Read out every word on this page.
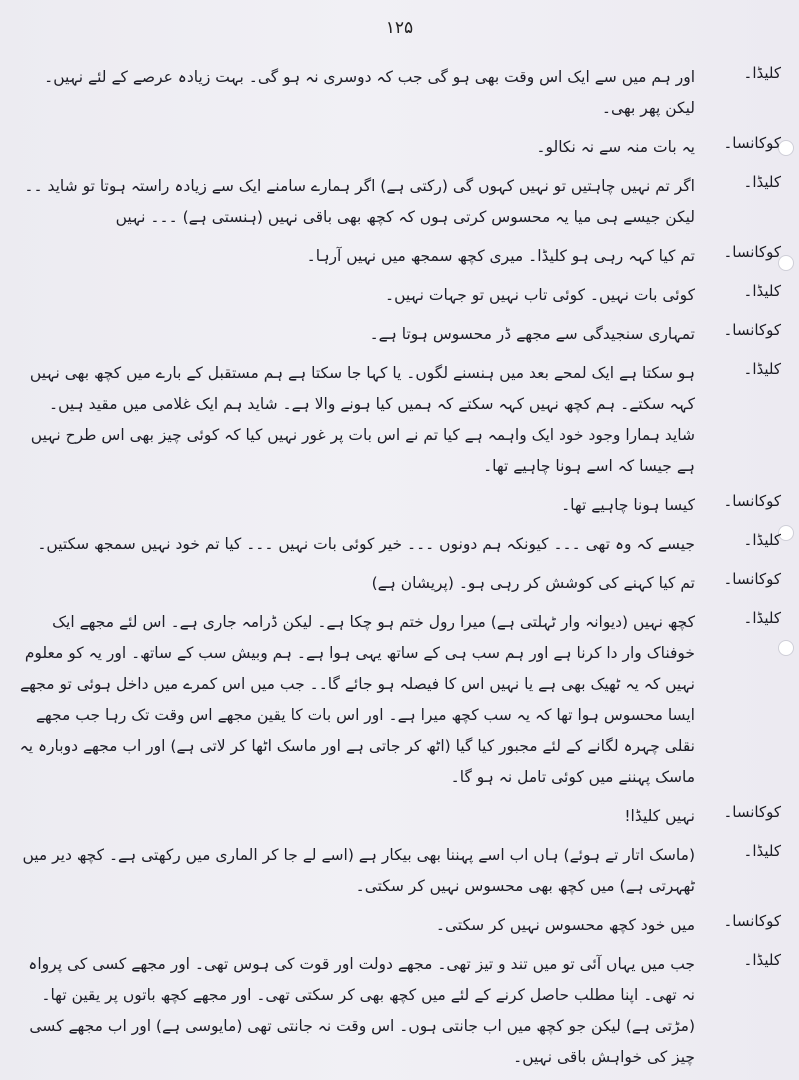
۱۲۵
کلیڈا۔
اور ہم میں سے ایک اس وقت بھی ہو گی جب کہ دوسری نہ ہو گی۔ بہت زیادہ عرصے کے لئے نہیں۔ لیکن پھر بھی۔
کوکانسا۔
یہ بات منہ سے نہ نکالو۔
کلیڈا۔
اگر تم نہیں چاہتیں تو نہیں کہوں گی (رکتی ہے) اگر ہمارے سامنے ایک سے زیادہ راستہ ہوتا تو شاید ۔۔ لیکن جیسے ہی میا یہ محسوس کرتی ہوں کہ کچھ بھی باقی نہیں (ہنستی ہے) ۔۔۔ نہیں
کوکانسا۔
تم کیا کہہ رہی ہو کلیڈا۔ میری کچھ سمجھ میں نہیں آرہا۔
کلیڈا۔
کوئی بات نہیں۔ کوئی تاب نہیں تو جہات نہیں۔
کوکانسا۔
تمہاری سنجیدگی سے مجھے ڈر محسوس ہوتا ہے۔
کلیڈا۔
ہو سکتا ہے ایک لمحے بعد میں ہنسنے لگوں۔ یا کہا جا سکتا ہے ہم مستقبل کے بارے میں کچھ بھی نہیں کہہ سکتے۔ ہم کچھ نہیں کہہ سکتے کہ ہمیں کیا ہونے والا ہے۔ شاید ہم ایک غلامی میں مقید ہیں۔ شاید ہمارا وجود خود ایک واہمہ ہے کیا تم نے اس بات پر غور نہیں کیا کہ کوئی چیز بھی اس طرح نہیں ہے جیسا کہ اسے ہونا چاہیے تھا۔
کوکانسا۔
کیسا ہونا چاہیے تھا۔
کلیڈا۔
جیسے کہ وہ تھی ۔۔۔ کیونکہ ہم دونوں ۔۔۔ خیر کوئی بات نہیں ۔۔۔ کیا تم خود نہیں سمجھ سکتیں۔
کوکانسا۔
تم کیا کہنے کی کوشش کر رہی ہو۔ (پریشان ہے)
کلیڈا۔
کچھ نہیں (دیوانہ وار ٹہلتی ہے) میرا رول ختم ہو چکا ہے۔ لیکن ڈرامہ جاری ہے۔ اس لئے مجھے ایک خوفناک وار دا کرنا ہے اور ہم سب ہی کے ساتھ یہی ہوا ہے۔ ہم وبیش سب کے ساتھ۔ اور یہ کو معلوم نہیں کہ یہ ٹھیک بھی ہے یا نہیں اس کا فیصلہ ہو جائے گا۔۔ جب میں اس کمرے میں داخل ہوئی تو مجھے ایسا محسوس ہوا تھا کہ یہ سب کچھ میرا ہے۔ اور اس بات کا یقین مجھے اس وقت تک رہا جب مجھے نقلی چہرہ لگانے کے لئے مجبور کیا گیا (اٹھ کر جاتی ہے اور ماسک اٹھا کر لاتی ہے) اور اب مجھے دوبارہ یہ ماسک پہننے میں کوئی تامل نہ ہو گا۔
کوکانسا۔
نہیں کلیڈا!
کلیڈا۔
(ماسک اتار تے ہوئے) ہاں اب اسے پہننا بھی بیکار ہے (اسے لے جا کر الماری میں رکھتی ہے۔ کچھ دیر میں ٹھہرتی ہے) میں کچھ بھی محسوس نہیں کر سکتی۔
کوکانسا۔
میں خود کچھ محسوس نہیں کر سکتی۔
کلیڈا۔
جب میں یہاں آئی تو میں تند و تیز تھی۔ مجھے دولت اور قوت کی ہوس تھی۔ اور مجھے کسی کی پرواہ نہ تھی۔ اپنا مطلب حاصل کرنے کے لئے میں کچھ بھی کر سکتی تھی۔ اور مجھے کچھ باتوں پر یقین تھا۔ (مڑتی ہے) لیکن جو کچھ میں اب جانتی ہوں۔ اس وقت نہ جانتی تھی (مایوسی ہے) اور اب مجھے کسی چیز کی خواہش باقی نہیں۔
